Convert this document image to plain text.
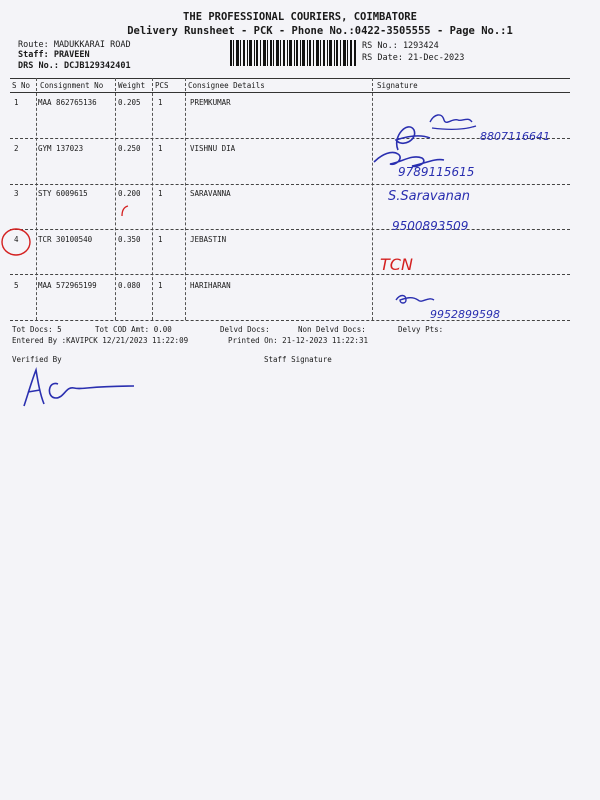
THE PROFESSIONAL COURIERS, COIMBATORE
Delivery Runsheet - PCK - Phone No.:0422-3505555 - Page No.:1
Route: MADUKKARAI ROAD
Staff: PRAVEEN
DRS No.: DCJB129342401
RS No.: 1293424
RS Date: 21-Dec-2023
S No Consignment No Weight PCS	Consignee Details	Signature
1	MAA 862765136	0.205 1	PREMKUMAR
2	GYM 137023	0.250 1	VISHNU DIA
3	STY 6009615	0.200 1	SARAVANNA
4	TCR 30100540	0.350 1	JEBASTIN
5	MAA 572965199	0.080 1	HARIHARAN
8807116641
9789115615
S.Saravanan
9500893509
TCN
9952899598
Tot Docs: 5	Tot COD Amt: 0.00	Delvd Docs:	Non Delvd Docs:	Delvy Pts:
Entered By :KAVIPCK 12/21/2023 11:22:09	Printed On: 21-12-2023 11:22:31
Verified By	Staff Signature
